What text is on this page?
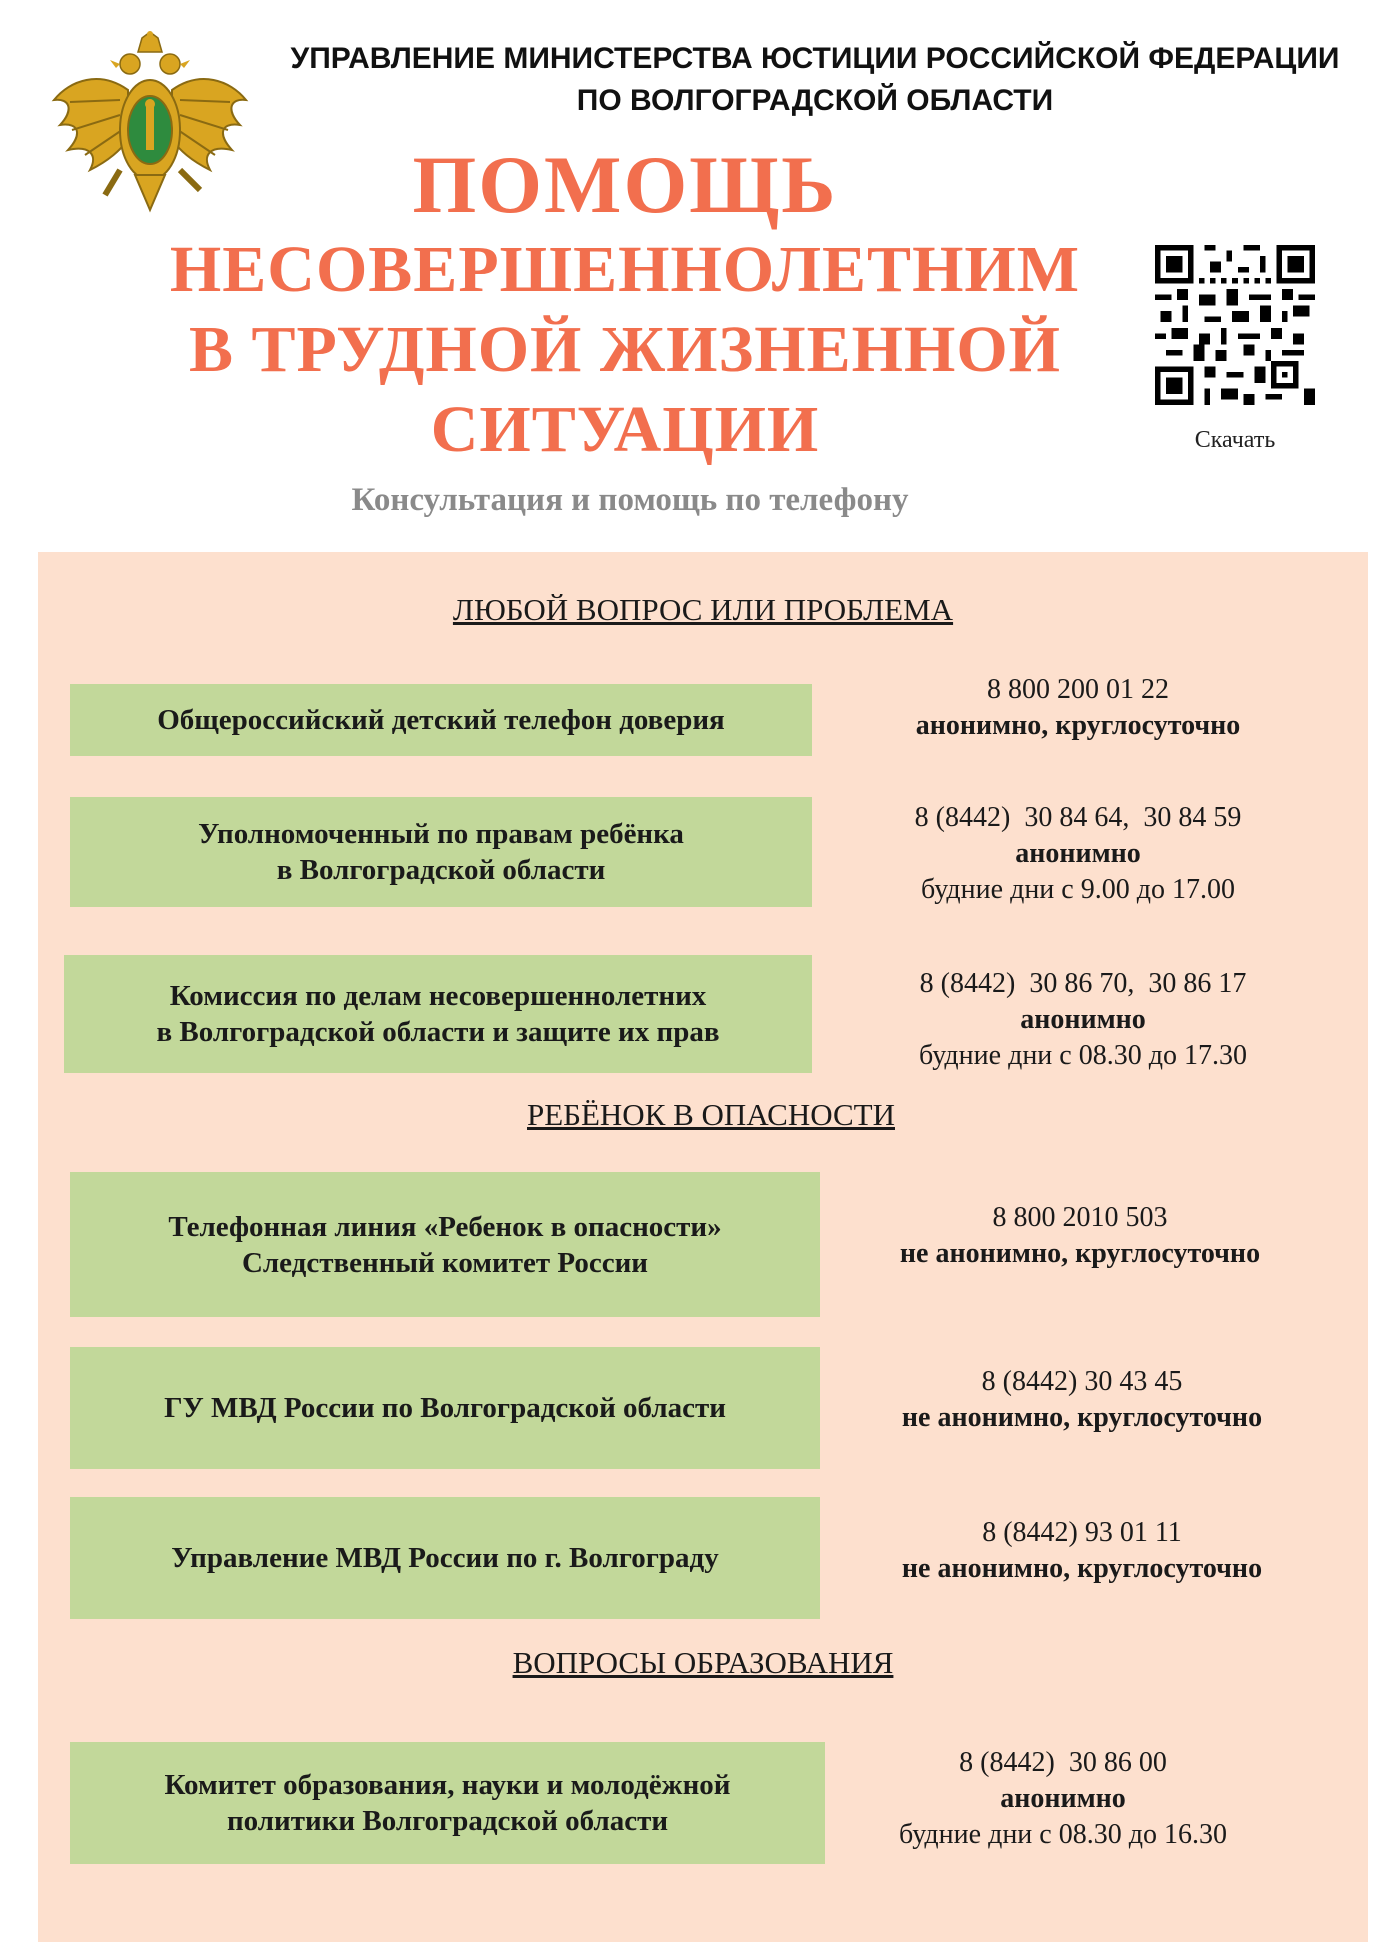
УПРАВЛЕНИЕ МИНИСТЕРСТВА ЮСТИЦИИ РОССИЙСКОЙ ФЕДЕРАЦИИ
ПО ВОЛГОГРАДСКОЙ ОБЛАСТИ
ПОМОЩЬ
НЕСОВЕРШЕННОЛЕТНИМ
В ТРУДНОЙ ЖИЗНЕННОЙ
СИТУАЦИИ	Скачать
Консультация и помощь по телефону
ЛЮБОЙ ВОПРОС ИЛИ ПРОБЛЕМА
Общероссийский детский телефон доверия
8 800 200 01 22
анонимно, круглосуточно
Уполномоченный по правам ребёнка
в Волгоградской области
8 (8442)  30 84 64,  30 84 59
анонимно
будние дни с 9.00 до 17.00
Комиссия по делам несовершеннолетних
в Волгоградской области и защите их прав
8 (8442)  30 86 70,  30 86 17
анонимно
будние дни с 08.30 до 17.30
РЕБЁНОК В ОПАСНОСТИ
Телефонная линия «Ребенок в опасности»
Следственный комитет России
8 800 2010 503
не анонимно, круглосуточно
ГУ МВД России по Волгоградской области
8 (8442) 30 43 45
не анонимно, круглосуточно
Управление МВД России по г. Волгограду
8 (8442) 93 01 11
не анонимно, круглосуточно
ВОПРОСЫ ОБРАЗОВАНИЯ
Комитет образования, науки и молодёжной
политики Волгоградской области
8 (8442)  30 86 00
анонимно
будние дни с 08.30 до 16.30
